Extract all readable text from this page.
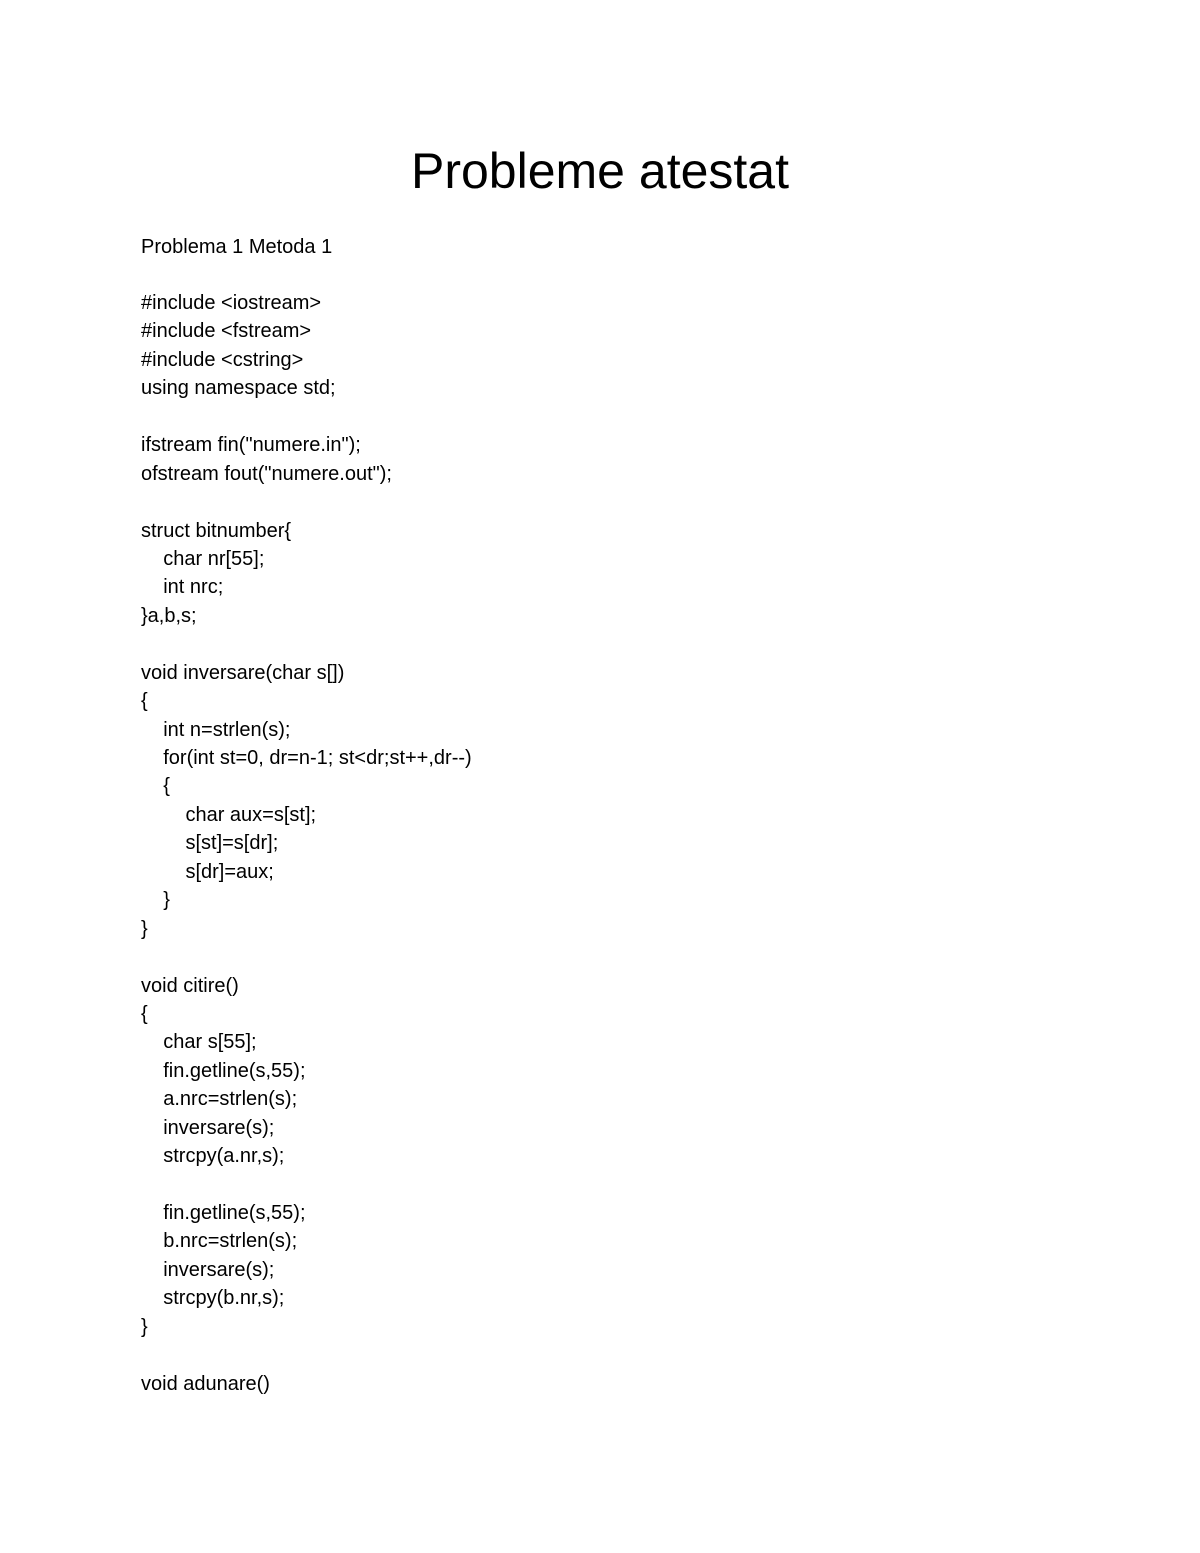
Probleme atestat
Problema 1 Metoda 1
#include <iostream>
#include <fstream>
#include <cstring>
using namespace std;
ifstream fin("numere.in");
ofstream fout("numere.out");
struct bitnumber{
char nr[55];
int nrc;
}a,b,s;
void inversare(char s[])
{
int n=strlen(s);
for(int st=0, dr=n-1; st<dr;st++,dr--)
{
char aux=s[st];
s[st]=s[dr];
s[dr]=aux;
}
}
void citire()
{
char s[55];
fin.getline(s,55);
a.nrc=strlen(s);
inversare(s);
strcpy(a.nr,s);
fin.getline(s,55);
b.nrc=strlen(s);
inversare(s);
strcpy(b.nr,s);
}
void adunare()
